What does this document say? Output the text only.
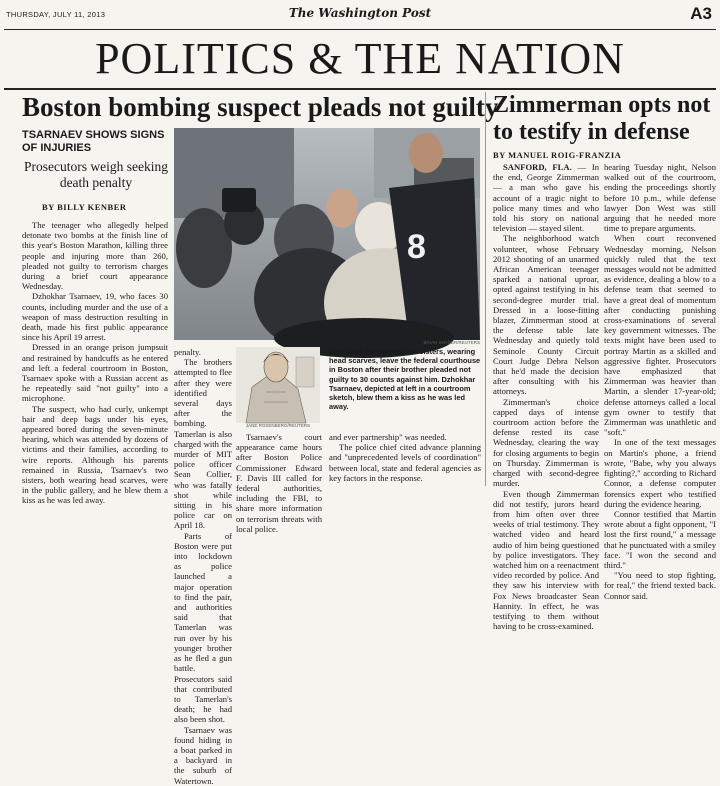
THURSDAY, JULY 11, 2013	The Washington Post	A3
POLITICS & THE NATION
Boston bombing suspect pleads not guilty
Zimmerman opts not to testify in defense
TSARNAEV SHOWS SIGNS OF INJURIES
Prosecutors weigh seeking death penalty
BY BILLY KENBER

The teenager who allegedly helped detonate two bombs at the finish line of this year's Boston Marathon, killing three people and injuring more than 260, pleaded not guilty to terrorism charges during a brief court appearance Wednesday.

Dzhokhar Tsarnaev, 19, who faces 30 counts, including murder and the use of a weapon of mass destruction resulting in death, made his first public appearance since his April 19 arrest.

Dressed in an orange prison jumpsuit and restrained by handcuffs as he entered and left a federal courtroom in Boston, Tsarnaev spoke with a Russian accent as he repeatedly said "not guilty" into a microphone.

The suspect, who had curly, unkempt hair and deep bags under his eyes, appeared bored during the seven-minute hearing, which was attended by dozens of victims and their families, according to wire reports. Although his parents remained in Russia, Tsarnaev's two sisters, both wearing head scarves, were in the public gallery, and he blew them a kiss as he was led away.

8
BRIAN SNYDER/REUTERS

penalty.

The brothers attempted to flee after they were identified several days after the bombing. Tamerlan is also charged with the murder of MIT police officer Sean Collier, who was fatally shot while sitting in his police car on April 18.

Parts of Boston were put into lockdown as police launched a major operation to find the pair, and authorities said that Tamerlan was run over by his younger brother as he fled a gun battle. Prosecutors said that contributed to Tamerlan's death; he had also been shot.

Tsarnaev was found hiding in a boat parked in a backyard in the suburb of Watertown.

JANE ROSENBERG/REUTERS

Tsarnaev's court appearance came hours after Boston Police Commissioner Edward F. Davis III called for federal authorities, including the FBI, to share more information on terrorism threats with local police.

Dzhokhar Tsarnaev's two sisters, wearing head scarves, leave the federal courthouse in Boston after their brother pleaded not guilty to 30 counts against him. Dzhokhar Tsarnaev, depicted at left in a courtroom sketch, blew them a kiss as he was led away.

and ever partnership" was needed.

The police chief cited advance planning and "unprecedented levels of coordination" between local, state and federal agencies as key factors in the response.

BY MANUEL ROIG-FRANZIA

SANFORD, FLA. — In the end, George Zimmerman — a man who gave his account of a tragic night to police many times and who told his story on national television — stayed silent.

The neighborhood watch volunteer, whose February 2012 shooting of an unarmed African American teenager sparked a national uproar, opted against testifying in his second-degree murder trial. Dressed in a loose-fitting blazer, Zimmerman stood at the defense table late Wednesday and quietly told Seminole County Circuit Court Judge Debra Nelson that he'd made the decision after consulting with his attorneys.

Zimmerman's choice capped days of intense courtroom action before the defense rested its case Wednesday, clearing the way for closing arguments to begin on Thursday. Zimmerman is charged with second-degree murder.

Even though Zimmerman did not testify, jurors heard from him often over three weeks of trial testimony. They watched video and heard audio of him being questioned by police investigators. They watched him on a reenactment video recorded by police. And they saw his interview with Fox News broadcaster Sean Hannity. In effect, he was testifying to them without having to be cross-examined.

hearing Tuesday night, Nelson walked out of the courtroom, ending the proceedings shortly before 10 p.m., while defense lawyer Don West was still arguing that he needed more time to prepare arguments.

When court reconvened Wednesday morning, Nelson quickly ruled that the text messages would not be admitted as evidence, dealing a blow to a defense team that seemed to have a great deal of momentum after conducting punishing cross-examinations of several key government witnesses. The texts might have been used to portray Martin as a skilled and aggressive fighter. Prosecutors have emphasized that Zimmerman was heavier than Martin, a slender 17-year-old; defense attorneys called a local gym owner to testify that Zimmerman was unathletic and "soft."

In one of the text messages on Martin's phone, a friend wrote, "Babe, why you always fighting?," according to Richard Connor, a defense computer forensics expert who testified during the evidence hearing.

Connor testified that Martin wrote about a fight opponent, "I lost the first round," a message that he punctuated with a smiley face. "I won the second and third."

"You need to stop fighting, for real," the friend texted back. Connor said.
